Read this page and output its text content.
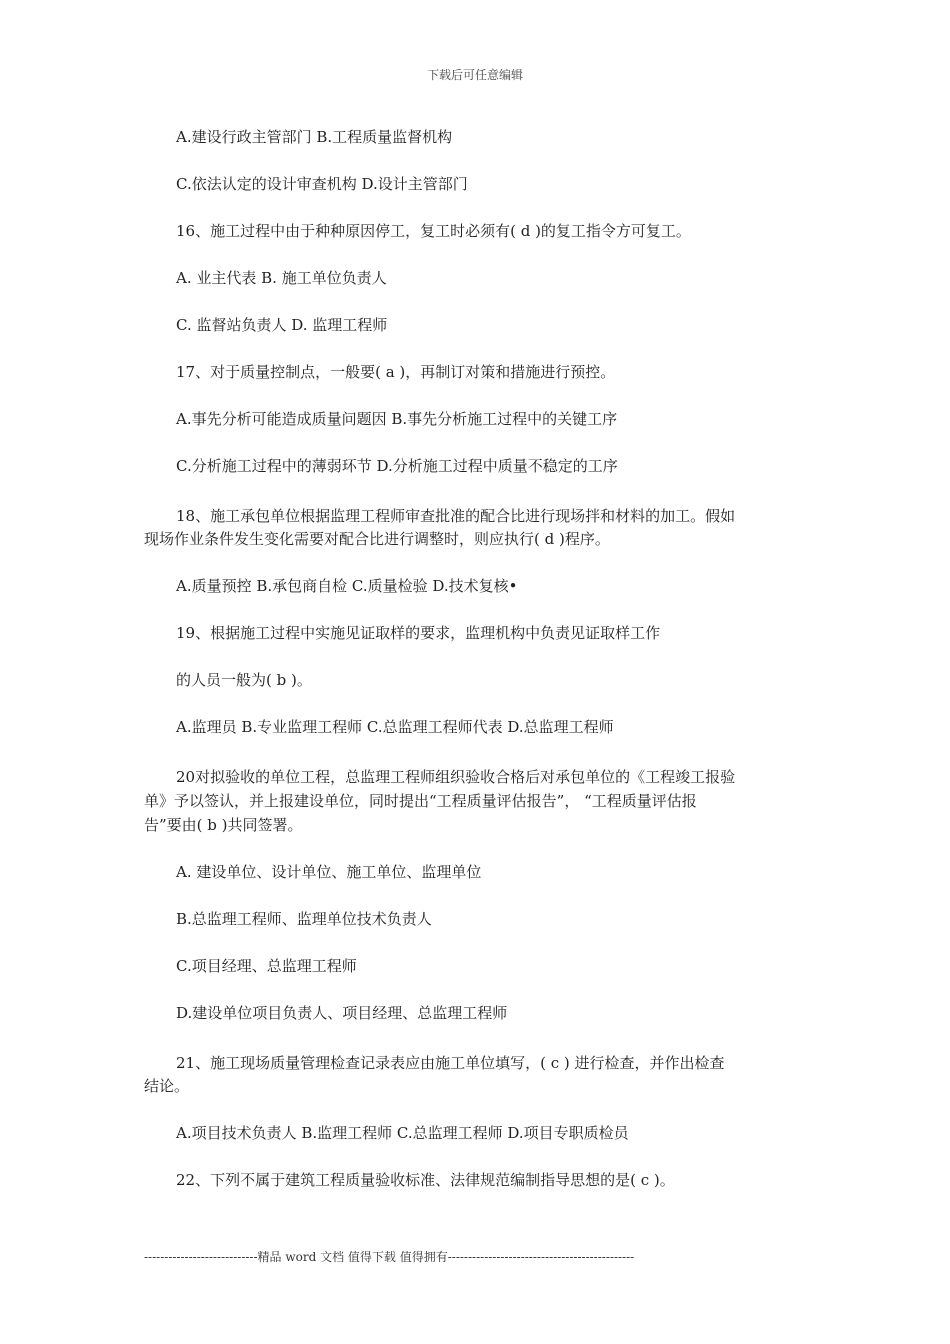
下载后可任意编辑
A.建设行政主管部门 B.工程质量监督机构
C.依法认定的设计审查机构 D.设计主管部门
16、施工过程中由于种种原因停工，复工时必须有( d )的复工指令方可复工。
A. 业主代表 B. 施工单位负责人
C. 监督站负责人 D. 监理工程师
17、对于质量控制点，一般要( a )，再制订对策和措施进行预控。
A.事先分析可能造成质量问题因 B.事先分析施工过程中的关键工序
C.分析施工过程中的薄弱环节 D.分析施工过程中质量不稳定的工序
18、施工承包单位根据监理工程师审查批准的配合比进行现场拌和材料的加工。假如
现场作业条件发生变化需要对配合比进行调整时，则应执行( d )程序。
A.质量预控 B.承包商自检 C.质量检验 D.技术复核•
19、根据施工过程中实施见证取样的要求，监理机构中负责见证取样工作
的人员一般为( b )。
A.监理员 B.专业监理工程师 C.总监理工程师代表 D.总监理工程师
20对拟验收的单位工程，总监理工程师组织验收合格后对承包单位的《工程竣工报验
单》予以签认，并上报建设单位，同时提出“工程质量评估报告”， “工程质量评估报
告”要由( b )共同签署。
A. 建设单位、设计单位、施工单位、监理单位
B.总监理工程师、监理单位技术负责人
C.项目经理、总监理工程师
D.建设单位项目负责人、项目经理、总监理工程师
21、施工现场质量管理检查记录表应由施工单位填写，( c ) 进行检查，并作出检查
结论。
A.项目技术负责人 B.监理工程师 C.总监理工程师 D.项目专职质检员
22、下列不属于建筑工程质量验收标准、法律规范编制指导思想的是( c )。
----------------------------精品 word 文档 值得下载 值得拥有----------------------------------------------
